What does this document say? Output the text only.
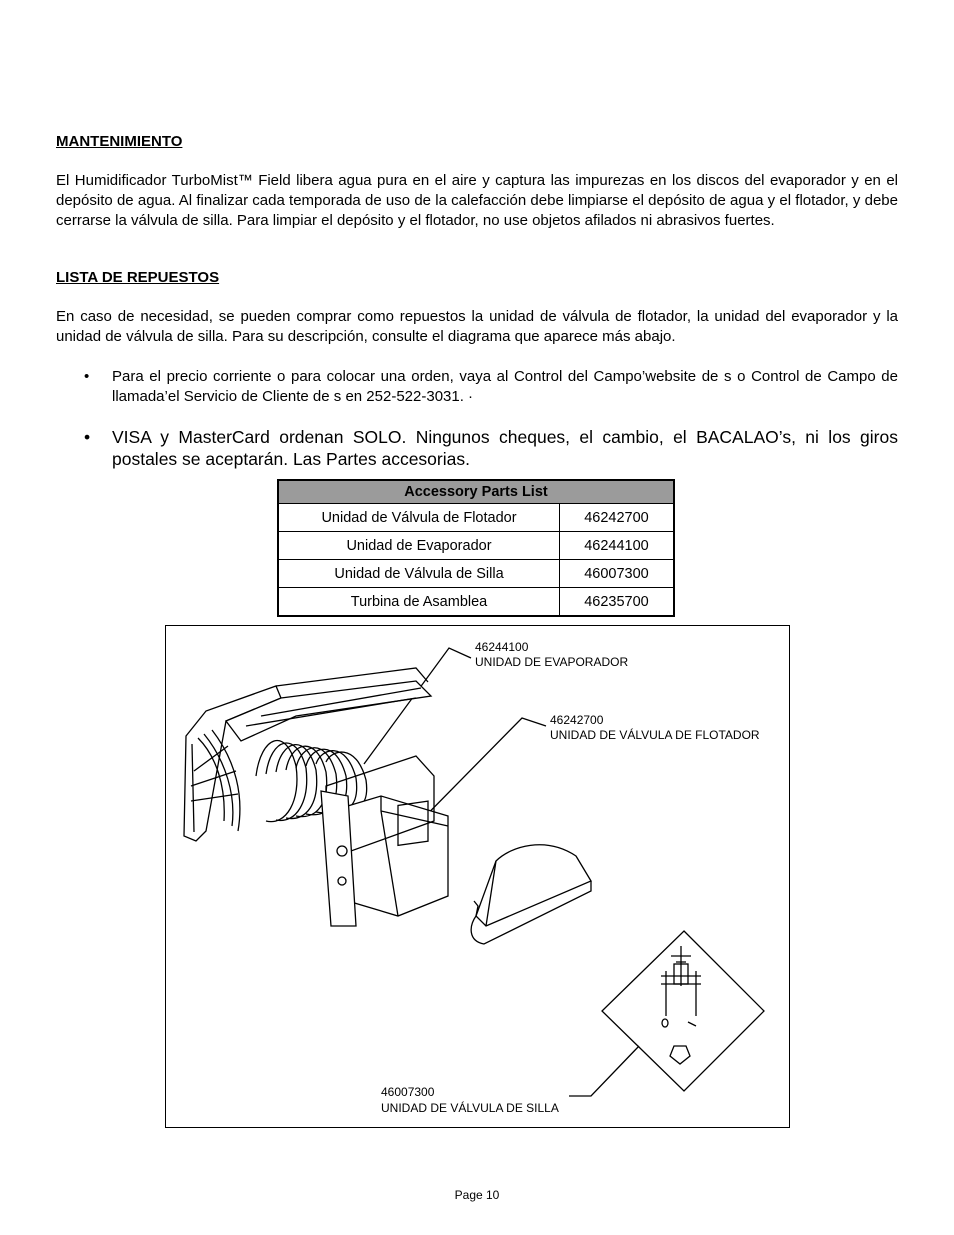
MANTENIMIENTO

El Humidificador TurboMist™ Field libera agua pura en el aire y captura las impurezas en los discos del evaporador y en el depósito de agua. Al finalizar cada temporada de uso de la calefacción debe limpiarse el depósito de agua y el flotador, y debe cerrarse la válvula de silla. Para limpiar el depósito y el flotador, no use objetos afilados ni abrasivos fuertes.

LISTA DE REPUESTOS

En caso de necesidad, se pueden comprar como repuestos la unidad de válvula de flotador, la unidad del evaporador y la unidad de válvula de silla. Para su descripción, consulte el diagrama que aparece más abajo.

• Para el precio corriente o para colocar una orden, vaya al Control del Campo’website de s o Control de Campo de llamada’el Servicio de Cliente de s en 252-522-3031. ·
• VISA y MasterCard ordenan SOLO. Ningunos cheques, el cambio, el BACALAO’s, ni los giros postales se aceptarán. Las Partes accesorias.
Accessory Parts List	
Unidad de Válvula de Flotador	46242700
Unidad de Evaporador	46244100
Unidad de Válvula de Silla	46007300
Turbina de Asamblea	46235700
46244100
UNIDAD DE EVAPORADOR
46242700
UNIDAD DE VÁLVULA DE FLOTADOR
46007300
UNIDAD DE VÁLVULA DE SILLA
Page 10
